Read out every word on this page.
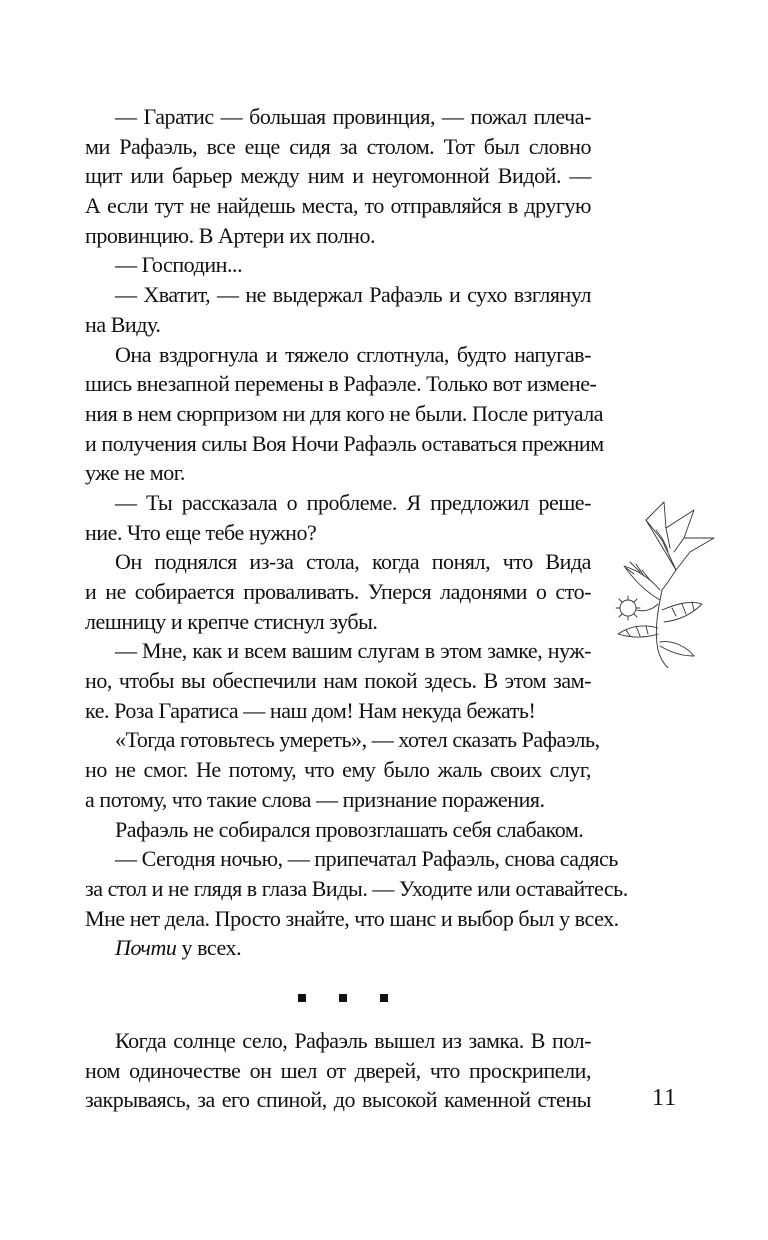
— Гаратис — большая провинция, — пожал плеча-
ми Рафаэль, все еще сидя за столом. Тот был словно
щит или барьер между ним и неугомонной Видой. —
А если тут не найдешь места, то отправляйся в другую
провинцию. В Артери их полно.
— Господин...
— Хватит, — не выдержал Рафаэль и сухо взглянул
на Виду.
Она вздрогнула и тяжело сглотнула, будто напугав-
шись внезапной перемены в Рафаэле. Только вот измене-
ния в нем сюрпризом ни для кого не были. После ритуала
и получения силы Воя Ночи Рафаэль оставаться прежним
уже не мог.
— Ты рассказала о проблеме. Я предложил реше-
ние. Что еще тебе нужно?
Он поднялся из-за стола, когда понял, что Вида
и не собирается проваливать. Уперся ладонями о сто-
лешницу и крепче стиснул зубы.
— Мне, как и всем вашим слугам в этом замке, нуж-
но, чтобы вы обеспечили нам покой здесь. В этом зам-
ке. Роза Гаратиса — наш дом! Нам некуда бежать!
«Тогда готовьтесь умереть», — хотел сказать Рафаэль,
но не смог. Не потому, что ему было жаль своих слуг,
а потому, что такие слова — признание поражения.
Рафаэль не собирался провозглашать себя слабаком.
— Сегодня ночью, — припечатал Рафаэль, снова садясь
за стол и не глядя в глаза Виды. — Уходите или оставайтесь.
Мне нет дела. Просто знайте, что шанс и выбор был у всех.
Почти у всех.
Когда солнце село, Рафаэль вышел из замка. В пол-
ном одиночестве он шел от дверей, что проскрипели,
закрываясь, за его спиной, до высокой каменной стены	11
